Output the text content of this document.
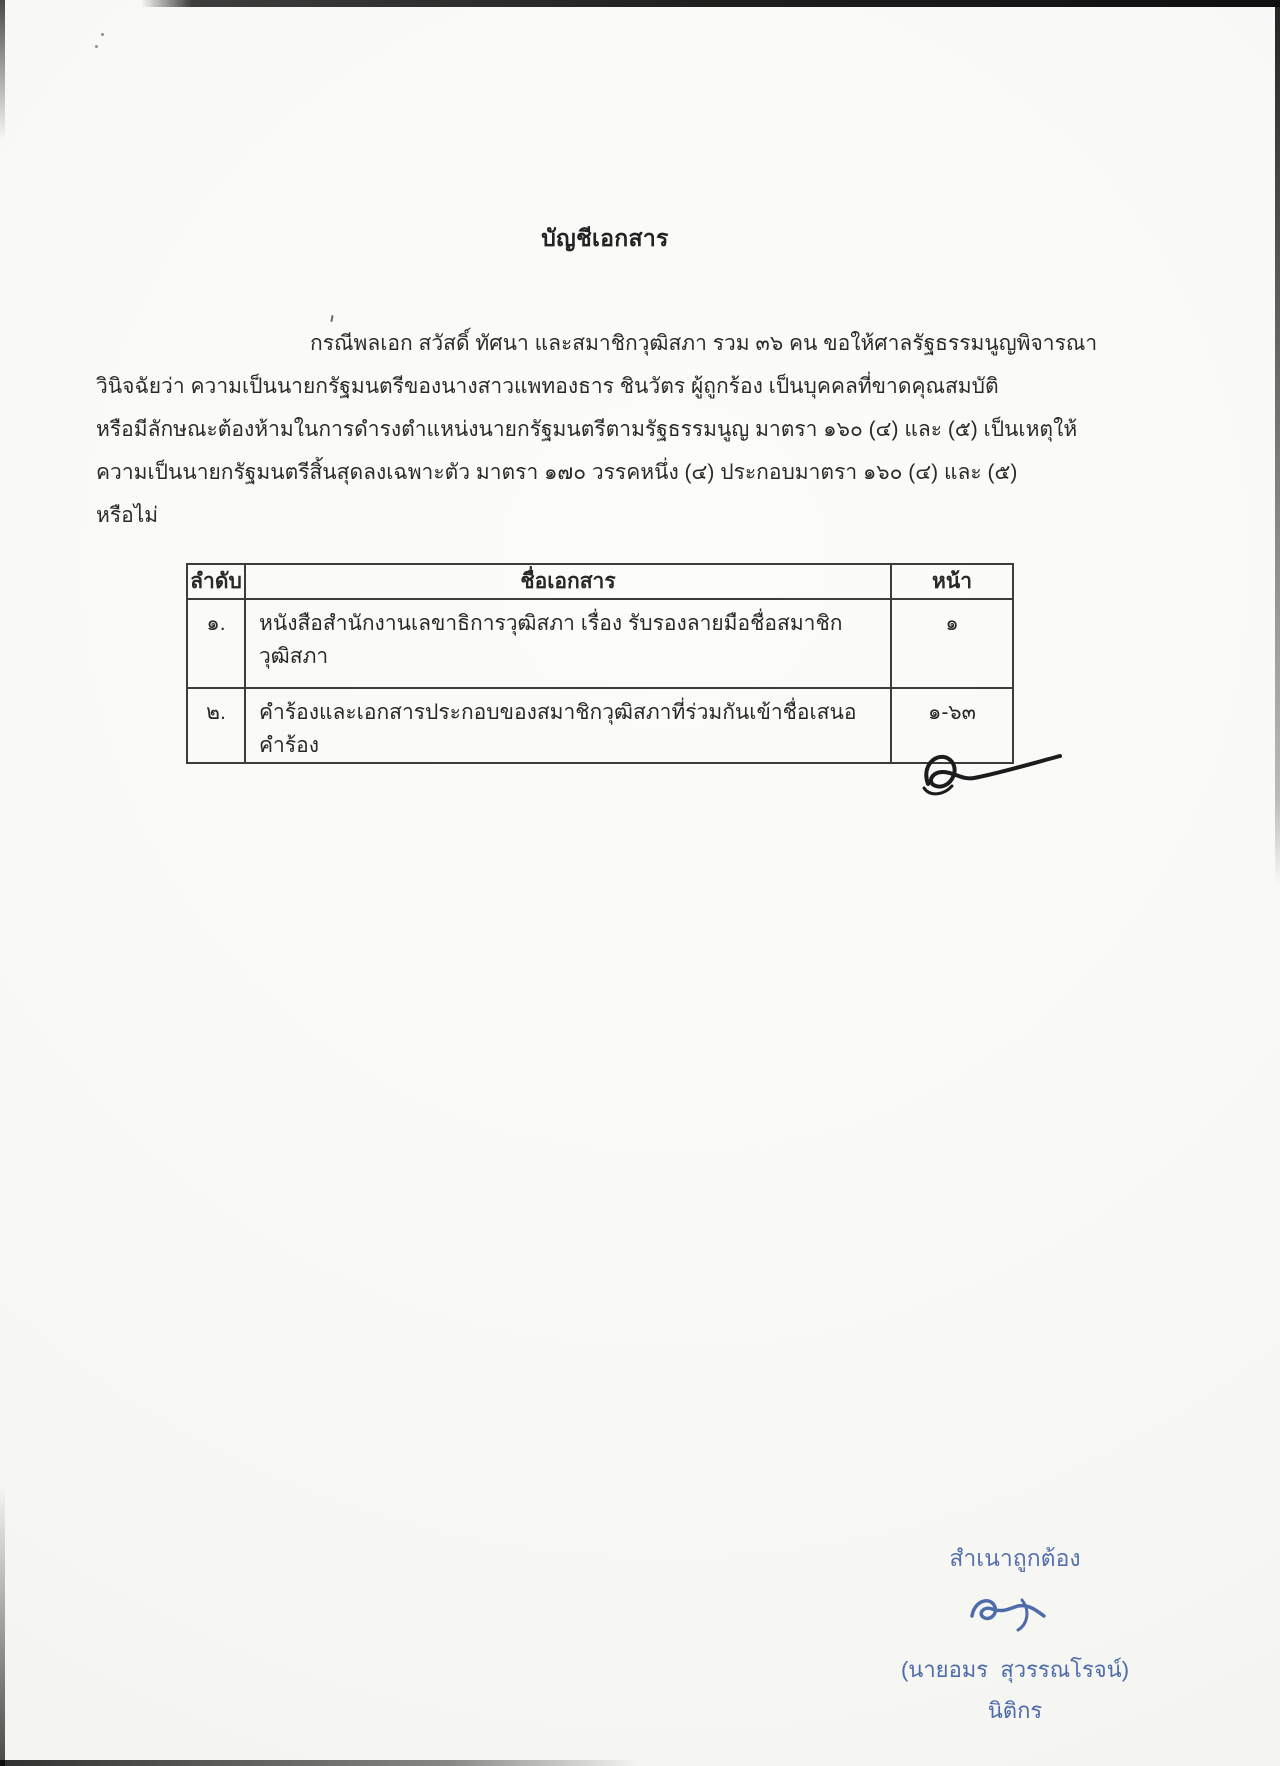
บัญชีเอกสาร
กรณีพลเอก สวัสดิ์ ทัศนา และสมาชิกวุฒิสภา รวม ๓๖ คน ขอให้ศาลรัฐธรรมนูญพิจารณา
วินิจฉัยว่า ความเป็นนายกรัฐมนตรีของนางสาวแพทองธาร ชินวัตร ผู้ถูกร้อง เป็นบุคคลที่ขาดคุณสมบัติ
หรือมีลักษณะต้องห้ามในการดำรงตำแหน่งนายกรัฐมนตรีตามรัฐธรรมนูญ มาตรา ๑๖๐ (๔) และ (๕) เป็นเหตุให้
ความเป็นนายกรัฐมนตรีสิ้นสุดลงเฉพาะตัว มาตรา ๑๗๐ วรรคหนึ่ง (๔) ประกอบมาตรา ๑๖๐ (๔) และ (๕)
หรือไม่
ลำดับ	ชื่อเอกสาร	หน้า
๑.	หนังสือสำนักงานเลขาธิการวุฒิสภา เรื่อง รับรองลายมือชื่อสมาชิกวุฒิสภา	๑
๒.	คำร้องและเอกสารประกอบของสมาชิกวุฒิสภาที่ร่วมกันเข้าชื่อเสนอคำร้อง	๑-๖๓
สำเนาถูกต้อง
(นายอมร  สุวรรณโรจน์)
นิติกร
